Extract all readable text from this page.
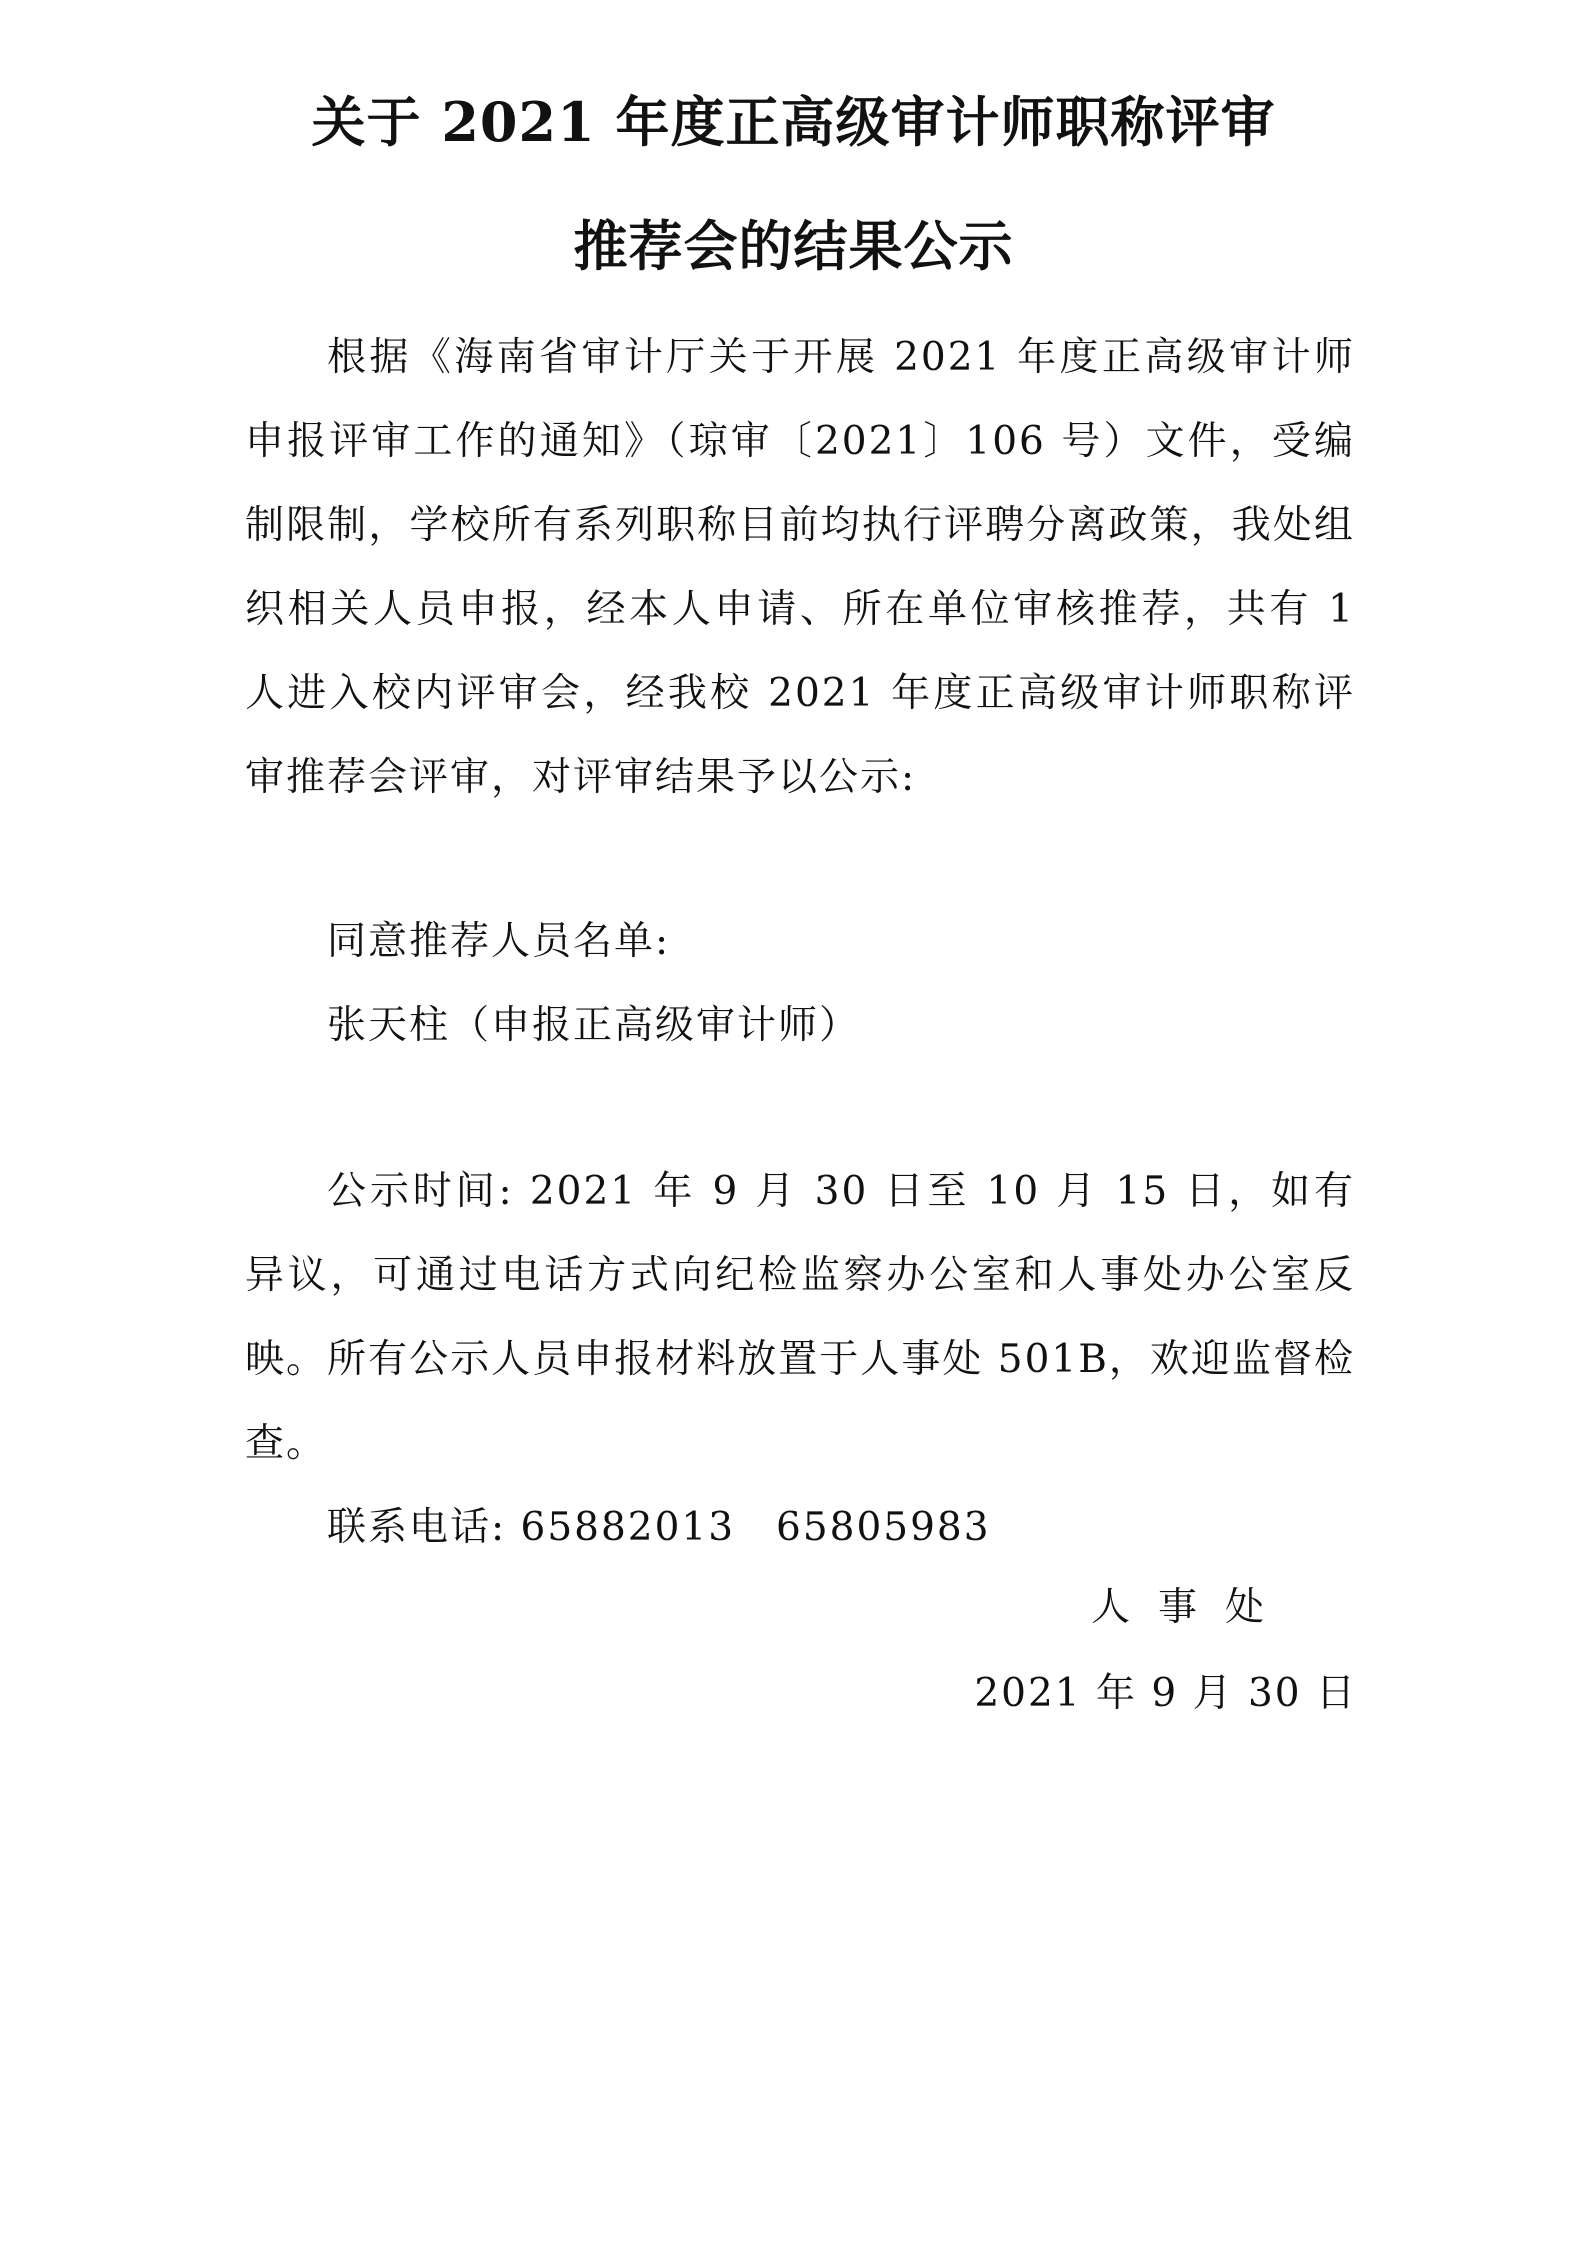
关于 2021 年度正高级审计师职称评审
推荐会的结果公示

根据《海南省审计厅关于开展 2021 年度正高级审计师申报评审工作的通知》（琼审〔2021〕106 号）文件，受编制限制，学校所有系列职称目前均执行评聘分离政策，我处组织相关人员申报，经本人申请、所在单位审核推荐，共有 1 人进入校内评审会，经我校 2021 年度正高级审计师职称评审推荐会评审，对评审结果予以公示:

同意推荐人员名单:

张天柱（申报正高级审计师）

公示时间: 2021 年 9 月 30 日至 10 月 15 日，如有异议，可通过电话方式向纪检监察办公室和人事处办公室反映。所有公示人员申报材料放置于人事处 501B，欢迎监督检查。

联系电话: 65882013　65805983

人事处
2021 年 9 月 30 日
